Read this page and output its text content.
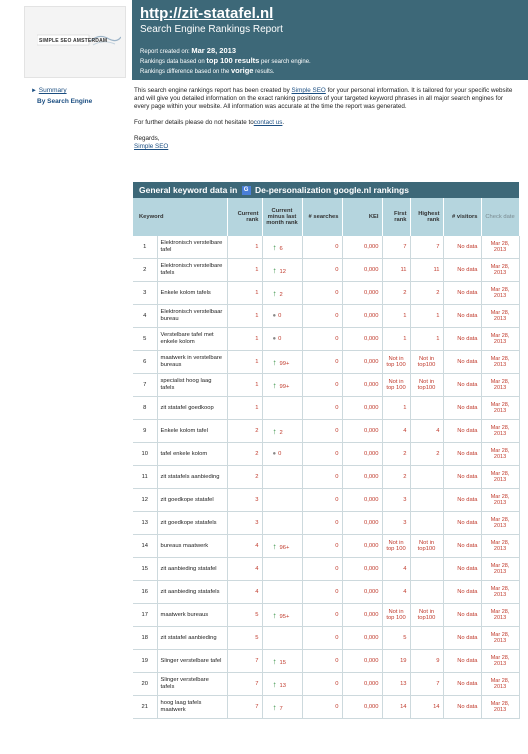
SIMPLE SEO AMSTERDAM
http://zit-statafel.nl
Search Engine Rankings Report
Report created on: Mar 28, 2013
Rankings data based on top 100 results per search engine.
Rankings difference based on the vorige results.
► Summary
By Search Engine

This search engine rankings report has been created by Simple SEO for your personal information. It is tailored for your specific website and will give you detailed information on the exact ranking positions of your targeted keyword phrases in all major search engines for every page within your website. All information was accurate at the time the report was generated.

For further details please do not hesitate tocontact us.

Regards,
Simple SEO

General keyword data in G De-personalization google.nl rankings
Keyword		Current rank	Current minus last month rank	# searches	KEI	First rank	Highest rank	# visitors	Check date
1	Elektronisch verstelbare tafel	1	↑ 6	0	0,000	7	7	No data	Mar 28, 2013
2	Elektronisch verstelbare tafels	1	↑ 12	0	0,000	11	11	No data	Mar 28, 2013
3	Enkele kolom tafels	1	↑ 2	0	0,000	2	2	No data	Mar 28, 2013
4	Elektronisch verstelbaar bureau	1	● 0	0	0,000	1	1	No data	Mar 28, 2013
5	Verstelbare tafel met enkele kolom	1	● 0	0	0,000	1	1	No data	Mar 28, 2013
6	maatwerk in verstelbare bureaus	1	↑ 99+	0	0,000	Not in top 100	Not in top100	No data	Mar 28, 2013
7	specialist hoog laag tafels	1	↑ 99+	0	0,000	Not in top 100	Not in top100	No data	Mar 28, 2013
8	zit statafel goedkoop	1		0	0,000	1		No data	Mar 28, 2013
9	Enkele kolom tafel	2	↑ 2	0	0,000	4	4	No data	Mar 28, 2013
10	tafel enkele kolom	2	● 0	0	0,000	2	2	No data	Mar 28, 2013
11	zit statafels aanbieding	2		0	0,000	2		No data	Mar 28, 2013
12	zit goedkope statafel	3		0	0,000	3		No data	Mar 28, 2013
13	zit goedkope statafels	3		0	0,000	3		No data	Mar 28, 2013
14	bureaus maatwerk	4	↑ 96+	0	0,000	Not in top 100	Not in top100	No data	Mar 28, 2013
15	zit aanbieding statafel	4		0	0,000	4		No data	Mar 28, 2013
16	zit aanbieding statafels	4		0	0,000	4		No data	Mar 28, 2013
17	maatwerk bureaus	5	↑ 95+	0	0,000	Not in top 100	Not in top100	No data	Mar 28, 2013
18	zit statafel aanbieding	5		0	0,000	5		No data	Mar 28, 2013
19	Slinger verstelbare tafel	7	↑ 15	0	0,000	19	9	No data	Mar 28, 2013
20	Slinger verstelbare tafels	7	↑ 13	0	0,000	13	7	No data	Mar 28, 2013
21	hoog laag tafels maatwerk	7	↑ 7	0	0,000	14	14	No data	Mar 28, 2013
